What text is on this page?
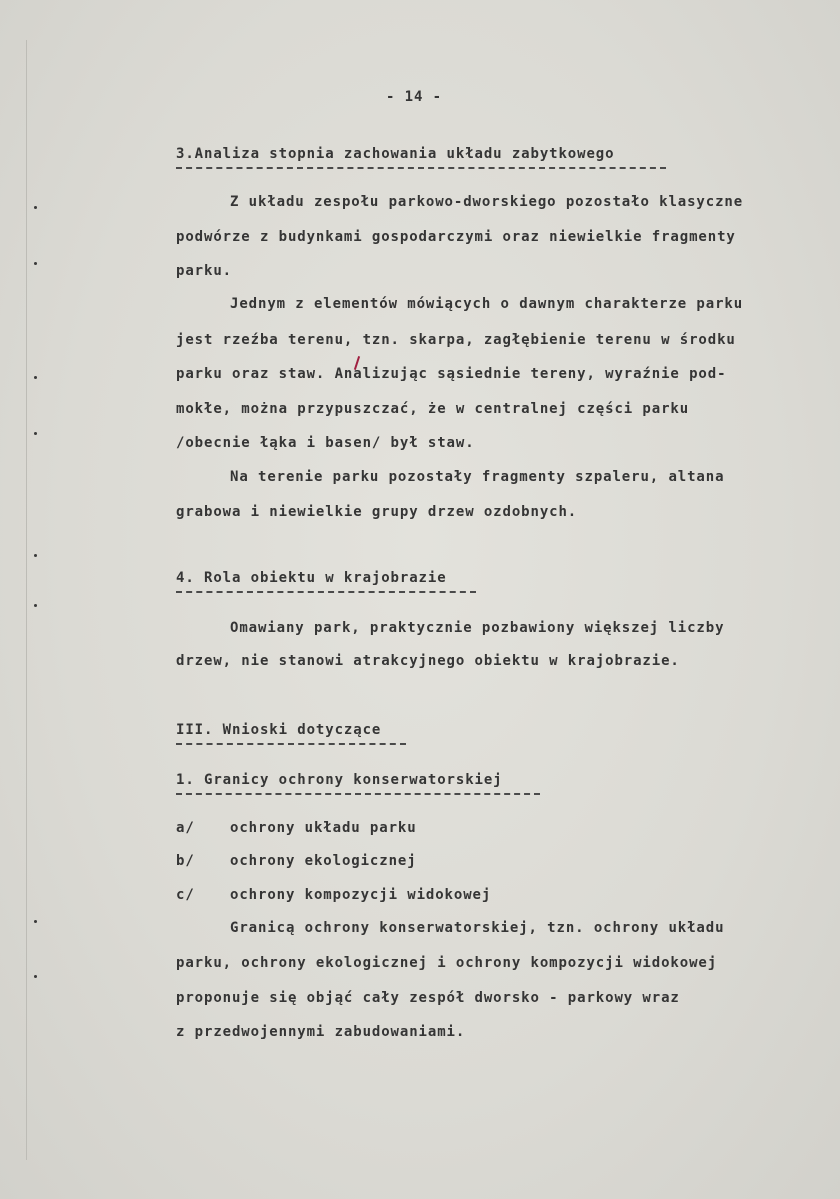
- 14 -
3.Analiza stopnia zachowania układu zabytkowego
Z układu zespołu parkowo-dworskiego pozostało klasyczne
podwórze z budynkami gospodarczymi oraz niewielkie fragmenty
parku.
Jednym z elementów mówiących o dawnym charakterze parku
jest rzeźba terenu, tzn. skarpa, zagłębienie terenu w środku
parku oraz staw. Analizując sąsiednie tereny, wyraźnie pod-
mokłe, można przypuszczać, że w centralnej części parku
/obecnie łąka i basen/ był staw.
Na terenie parku pozostały fragmenty szpaleru, altana
grabowa i niewielkie grupy drzew ozdobnych.
4. Rola obiektu w krajobrazie
Omawiany park, praktycznie pozbawiony większej liczby
drzew, nie stanowi atrakcyjnego obiektu w krajobrazie.
III. Wnioski dotyczące
1. Granicy ochrony konserwatorskiej
a/	ochrony układu parku
b/	ochrony ekologicznej
c/	ochrony kompozycji widokowej
Granicą ochrony konserwatorskiej, tzn. ochrony układu
parku, ochrony ekologicznej i ochrony kompozycji widokowej
proponuje się objąć cały zespół dworsko - parkowy wraz
z przedwojennymi zabudowaniami.
